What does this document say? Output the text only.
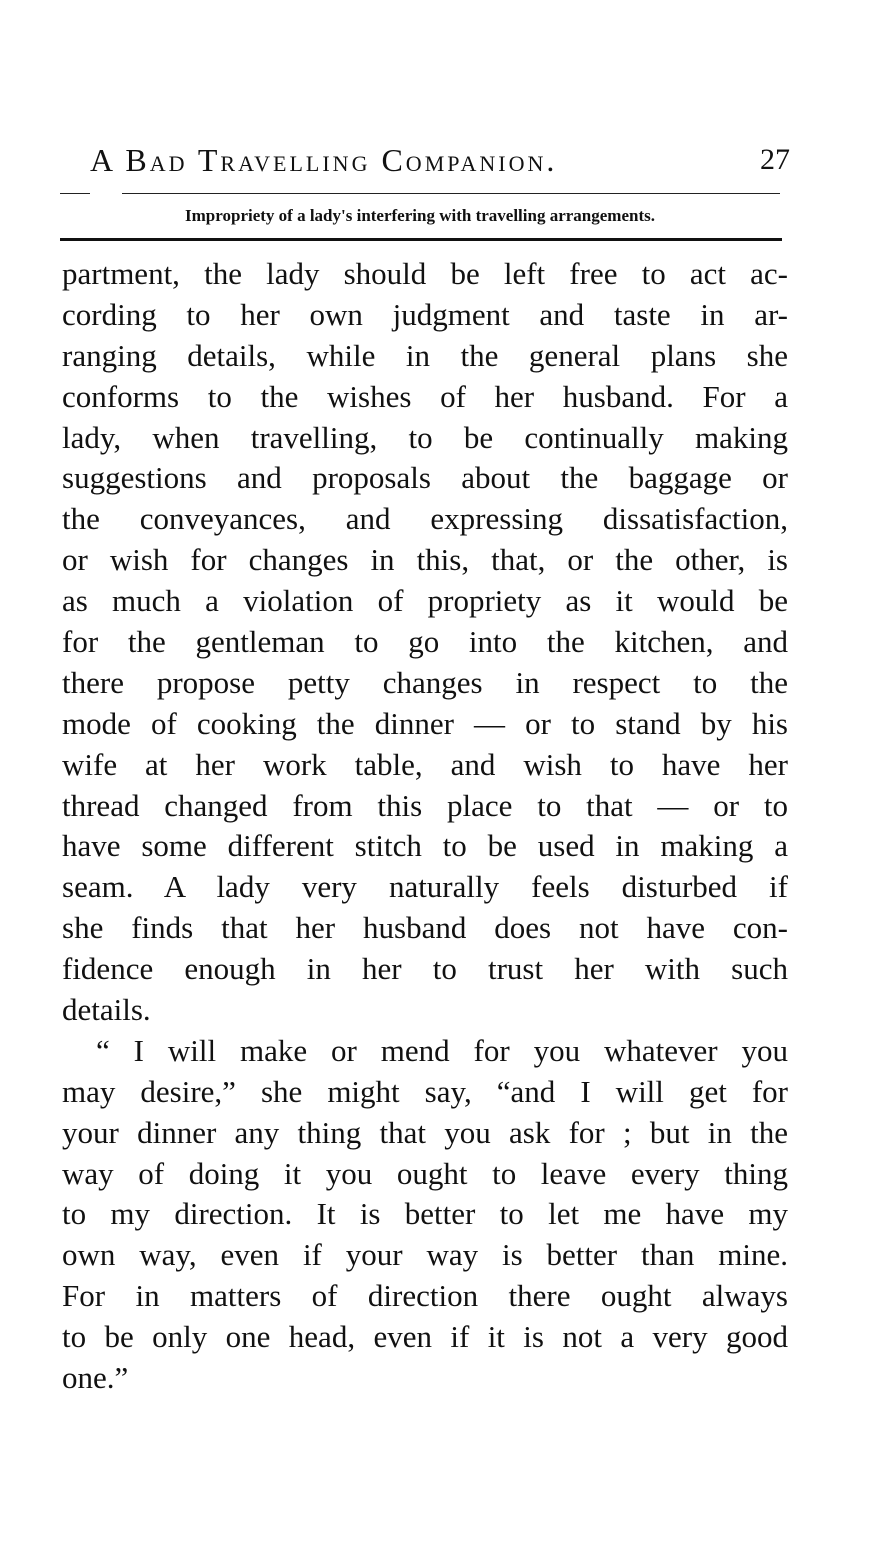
A Bad Travelling Companion.	27
Impropriety of a lady's interfering with travelling arrangements.
partment, the lady should be left free to act ac-
cording to her own judgment and taste in ar-
ranging details, while in the general plans she
conforms to the wishes of her husband. For a
lady, when travelling, to be continually making
suggestions and proposals about the baggage or
the conveyances, and expressing dissatisfaction,
or wish for changes in this, that, or the other, is
as much a violation of propriety as it would be
for the gentleman to go into the kitchen, and
there propose petty changes in respect to the
mode of cooking the dinner — or to stand by his
wife at her work table, and wish to have her
thread changed from this place to that — or to
have some different stitch to be used in making a
seam. A lady very naturally feels disturbed if
she finds that her husband does not have con-
fidence enough in her to trust her with such
details.
“ I will make or mend for you whatever you
may desire,” she might say, “and I will get for
your dinner any thing that you ask for ; but in the
way of doing it you ought to leave every thing
to my direction. It is better to let me have my
own way, even if your way is better than mine.
For in matters of direction there ought always
to be only one head, even if it is not a very good
one.”
